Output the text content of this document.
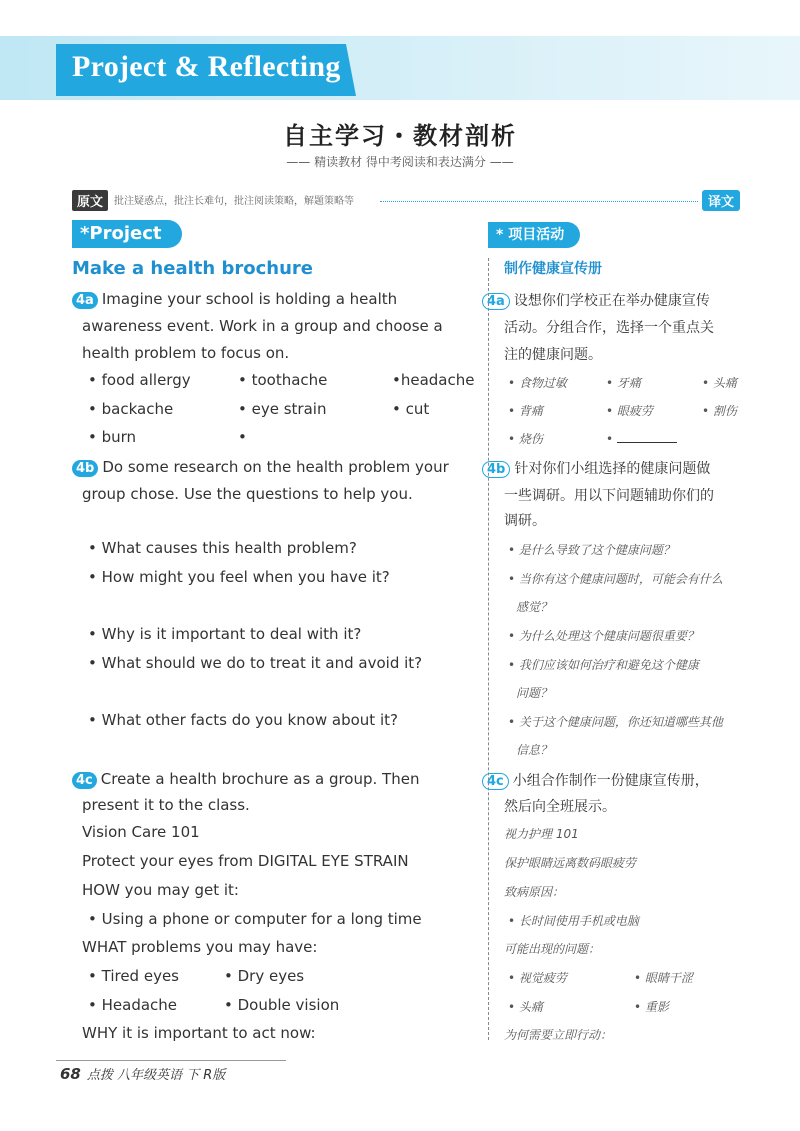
Project & Reflecting
自主学习・教材剖析
—— 精读教材 得中考阅读和表达满分 ——
原文	批注疑惑点，批注长难句，批注阅读策略，解题策略等	译文
*Project	* 项目活动
Make a health brochure	制作健康宣传册
4a Imagine your school is holding a health
awareness event. Work in a group and choose a
health problem to focus on.
• food allergy	• toothache	•headache
• backache	• eye strain	• cut
• burn	•
4a 设想你们学校正在举办健康宣传
活动。分组合作，选择一个重点关
注的健康问题。
• 食物过敏	• 牙痛	• 头痛
• 背痛	• 眼疲劳	• 割伤
• 烧伤	•
4b Do some research on the health problem your
group chose. Use the questions to help you.
• What causes this health problem?
• How might you feel when you have it?
• Why is it important to deal with it?
• What should we do to treat it and avoid it?
• What other facts do you know about it?
4b 针对你们小组选择的健康问题做
一些调研。用以下问题辅助你们的
调研。
• 是什么导致了这个健康问题？
• 当你有这个健康问题时，可能会有什么
感觉？
• 为什么处理这个健康问题很重要？
• 我们应该如何治疗和避免这个健康
问题？
• 关于这个健康问题，你还知道哪些其他
信息？
4c Create a health brochure as a group. Then
present it to the class.
Vision Care 101
Protect your eyes from DIGITAL EYE STRAIN
HOW you may get it:
• Using a phone or computer for a long time
WHAT problems you may have:
• Tired eyes	• Dry eyes
• Headache	• Double vision
WHY it is important to act now:
4c 小组合作制作一份健康宣传册，
然后向全班展示。
视力护理 101
保护眼睛远离数码眼疲劳
致病原因：
• 长时间使用手机或电脑
可能出现的问题：
• 视觉疲劳	• 眼睛干涩
• 头痛	• 重影
为何需要立即行动：
68 点拨 八年级英语 下 R版
